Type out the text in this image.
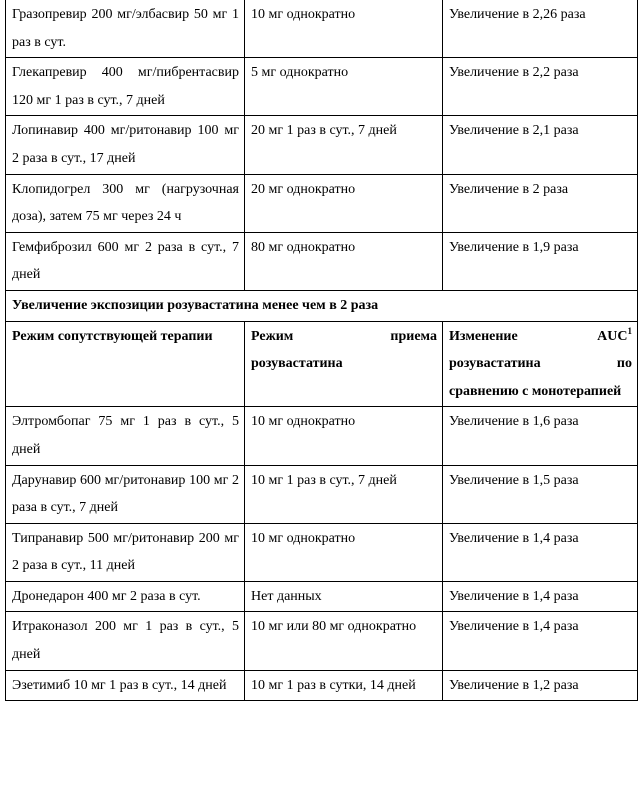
Гразопревир 200 мг/элбасвир 50 мг 1 раз в сут.	10 мг однократно	Увеличение в 2,26 раза
Глекапревир 400 мг/пибрентасвир 120 мг 1 раз в сут., 7 дней	5 мг однократно	Увеличение в 2,2 раза
Лопинавир 400 мг/ритонавир 100 мг 2 раза в сут., 17 дней	20 мг 1 раз в сут., 7 дней	Увеличение в 2,1 раза
Клопидогрел 300 мг (нагрузочная доза), затем 75 мг через 24 ч	20 мг однократно	Увеличение в 2 раза
Гемфиброзил 600 мг 2 раза в сут., 7 дней	80 мг однократно	Увеличение в 1,9 раза
Увеличение экспозиции розувастатина менее чем в 2 раза		
Режим сопутствующей терапии	Режим приема розувастатина	Изменение AUC$^1$ розувастатина по сравнению с монотерапией
Элтромбопаг 75 мг 1 раз в сут., 5 дней	10 мг однократно	Увеличение в 1,6 раза
Дарунавир 600 мг/ритонавир 100 мг 2 раза в сут., 7 дней	10 мг 1 раз в сут., 7 дней	Увеличение в 1,5 раза
Типранавир 500 мг/ритонавир 200 мг 2 раза в сут., 11 дней	10 мг однократно	Увеличение в 1,4 раза
Дронедарон 400 мг 2 раза в сут.	Нет данных	Увеличение в 1,4 раза
Итраконазол 200 мг 1 раз в сут., 5 дней	10 мг или 80 мг однократно	Увеличение в 1,4 раза
Эзетимиб 10 мг 1 раз в сут., 14 дней	10 мг 1 раз в сутки, 14 дней	Увеличение в 1,2 раза
